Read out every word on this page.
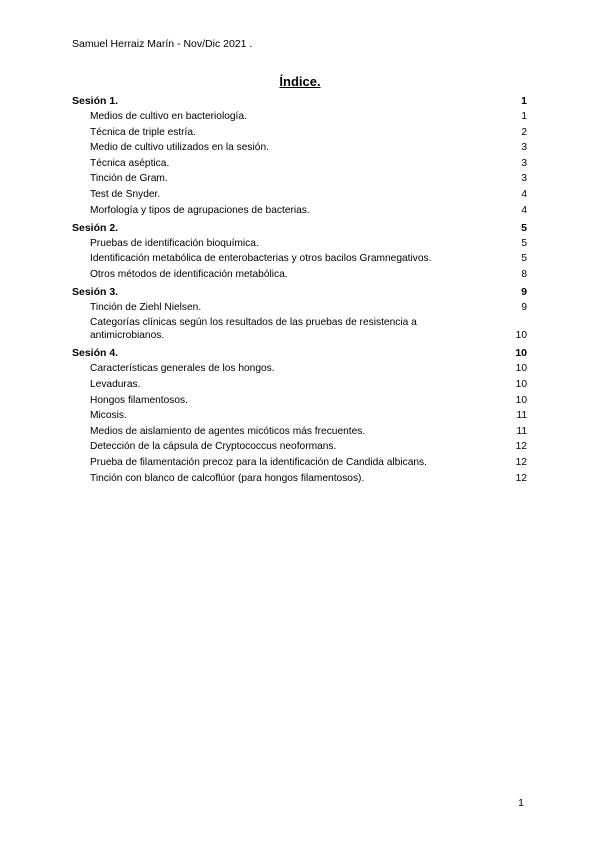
Samuel Herraiz Marín - Nov/Dic 2021 .
Índice.
Sesión 1.	1
Medios de cultivo en bacteriología.	1
Técnica de triple estría.	2
Medio de cultivo utilizados en la sesión.	3
Técnica aséptica.	3
Tinción de Gram.	3
Test de Snyder.	4
Morfología y tipos de agrupaciones de bacterias.	4
Sesión 2.	5
Pruebas de identificación bioquímica.	5
Identificación metabólica de enterobacterias y otros bacilos Gramnegativos.	5
Otros métodos de identificación metabólica.	8
Sesión 3.	9
Tinción de Ziehl Nielsen.	9
Categorías clínicas según los resultados de las pruebas de resistencia a antimicrobianos.	10
Sesión 4.	10
Características generales de los hongos.	10
Levaduras.	10
Hongos filamentosos.	10
Micosis.	11
Medios de aislamiento de agentes micóticos más frecuentes.	11
Detección de la cápsula de Cryptococcus neoformans.	12
Prueba de filamentación precoz para la identificación de Candida albicans.	12
Tinción con blanco de calcoflúor (para hongos filamentosos).	12
1
